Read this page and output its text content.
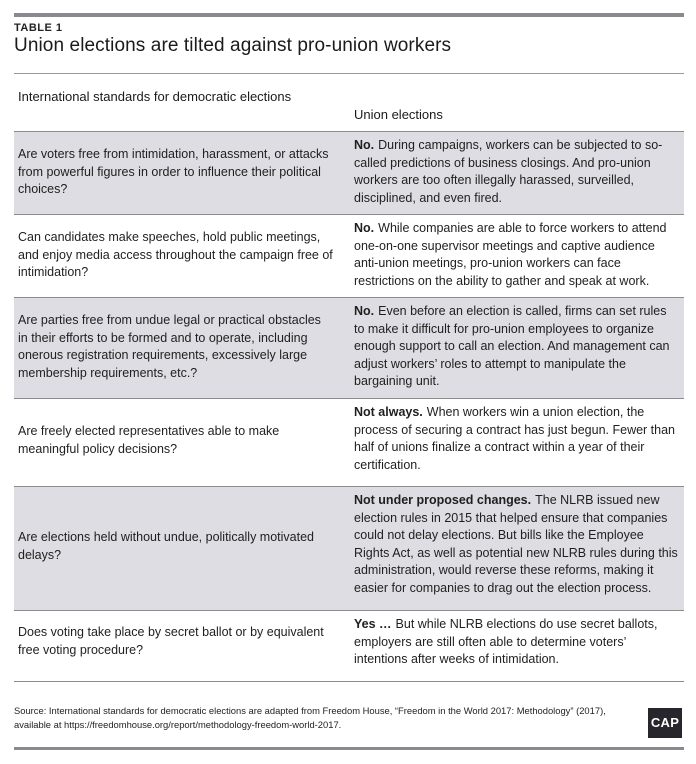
TABLE 1
Union elections are tilted against pro-union workers
International standards for democratic elections
Union elections
Are voters free from intimidation, harassment, or attacks from powerful figures in order to influence their political choices?
No. During campaigns, workers can be subjected to so-called predictions of business closings. And pro-union workers are too often illegally harassed, surveilled, disciplined, and even fired.
Can candidates make speeches, hold public meetings, and enjoy media access throughout the campaign free of intimidation?
No. While companies are able to force workers to attend one-on-one supervisor meetings and captive audience anti-union meetings, pro-union workers can face restrictions on the ability to gather and speak at work.
Are parties free from undue legal or practical obstacles in their efforts to be formed and to operate, including onerous registration requirements, excessively large membership requirements, etc.?
No. Even before an election is called, firms can set rules to make it difficult for pro-union employees to organize enough support to call an election. And management can adjust workers’ roles to attempt to manipulate the bargaining unit.
Are freely elected representatives able to make meaningful policy decisions?
Not always. When workers win a union election, the process of securing a contract has just begun. Fewer than half of unions finalize a contract within a year of their certification.
Are elections held without undue, politically motivated delays?
Not under proposed changes. The NLRB issued new election rules in 2015 that helped ensure that companies could not delay elections. But bills like the Employee Rights Act, as well as potential new NLRB rules during this administration, would reverse these reforms, making it easier for companies to drag out the election process.
Does voting take place by secret ballot or by equivalent free voting procedure?
Yes … But while NLRB elections do use secret ballots, employers are still often able to determine voters’ intentions after weeks of intimidation.
Source: International standards for democratic elections are adapted from Freedom House, “Freedom in the World 2017: Methodology” (2017), available at https://freedomhouse.org/report/methodology-freedom-world-2017.	CAP
